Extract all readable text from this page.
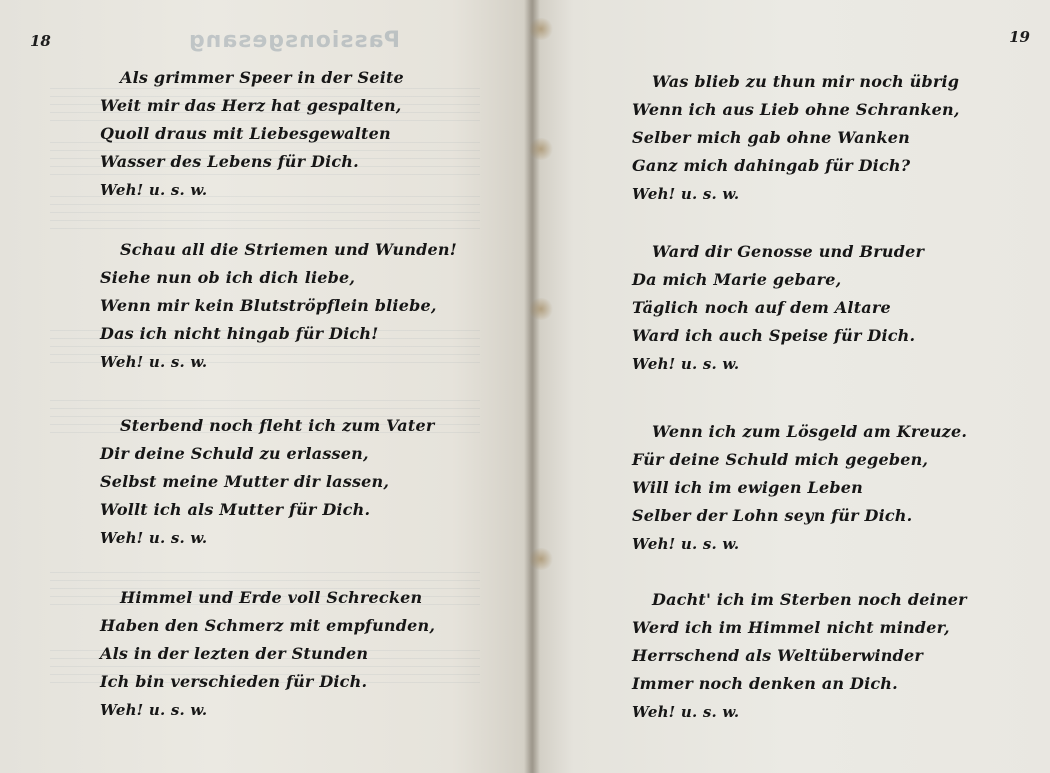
Passionsgesang
18
Als grimmer Speer in der Seite
Weit mir das Herz hat gespalten,
Quoll draus mit Liebesgewalten
Wasser des Lebens für Dich.
Weh! u. s. w.
Schau all die Striemen und Wunden!
Siehe nun ob ich dich liebe,
Wenn mir kein Blutströpflein bliebe,
Das ich nicht hingab für Dich!
Weh! u. s. w.
Sterbend noch fleht ich zum Vater
Dir deine Schuld zu erlassen,
Selbst meine Mutter dir lassen,
Wollt ich als Mutter für Dich.
Weh! u. s. w.
Himmel und Erde voll Schrecken
Haben den Schmerz mit empfunden,
Als in der lezten der Stunden
Ich bin verschieden für Dich.
Weh! u. s. w.
19
Was blieb zu thun mir noch übrig
Wenn ich aus Lieb ohne Schranken,
Selber mich gab ohne Wanken
Ganz mich dahingab für Dich?
Weh! u. s. w.
Ward dir Genosse und Bruder
Da mich Marie gebare,
Täglich noch auf dem Altare
Ward ich auch Speise für Dich.
Weh! u. s. w.
Wenn ich zum Lösgeld am Kreuze.
Für deine Schuld mich gegeben,
Will ich im ewigen Leben
Selber der Lohn seyn für Dich.
Weh! u. s. w.
Dacht' ich im Sterben noch deiner
Werd ich im Himmel nicht minder,
Herrschend als Weltüberwinder
Immer noch denken an Dich.
Weh! u. s. w.
